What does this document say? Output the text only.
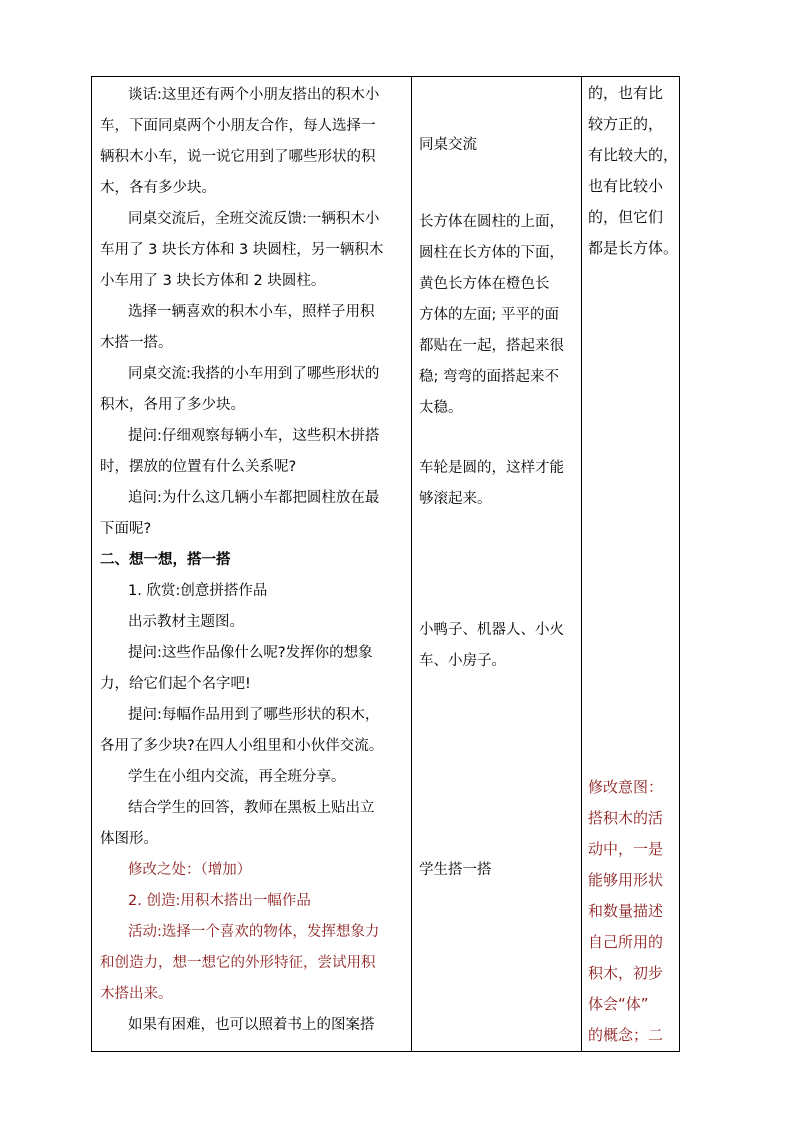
谈话:这里还有两个小朋友搭出的积木小
车，下面同桌两个小朋友合作，每人选择一
辆积木小车，说一说它用到了哪些形状的积
木，各有多少块。
同桌交流后，全班交流反馈:一辆积木小
车用了 3 块长方体和 3 块圆柱，另一辆积木
小车用了 3 块长方体和 2 块圆柱。
选择一辆喜欢的积木小车，照样子用积
木搭一搭。
同桌交流:我搭的小车用到了哪些形状的
积木，各用了多少块。
提问:仔细观察每辆小车，这些积木拼搭
时，摆放的位置有什么关系呢?
追问:为什么这几辆小车都把圆柱放在最
下面呢?
二、想一想，搭一搭
1. 欣赏:创意拼搭作品
出示教材主题图。
提问:这些作品像什么呢?发挥你的想象
力，给它们起个名字吧!
提问:每幅作品用到了哪些形状的积木，
各用了多少块?在四人小组里和小伙伴交流。
学生在小组内交流，再全班分享。
结合学生的回答，教师在黑板上贴出立
体图形。
修改之处：（增加）
2. 创造:用积木搭出一幅作品
活动:选择一个喜欢的物体，发挥想象力
和创造力，想一想它的外形特征，尝试用积
木搭出来。
如果有困难，也可以照着书上的图案搭
同桌交流
长方体在圆柱的上面，
圆柱在长方体的下面，
黄色长方体在橙色长
方体的左面; 平平的面
都贴在一起，搭起来很
稳; 弯弯的面搭起来不
太稳。
车轮是圆的，这样才能
够滚起来。
小鸭子、机器人、小火
车、小房子。
学生搭一搭
的，也有比
较方正的，
有比较大的，
也有比较小
的，但它们
都是长方体。
修改意图：
搭积木的活
动中，一是
能够用形状
和数量描述
自己所用的
积木，初步
体会“体”
的概念；二
